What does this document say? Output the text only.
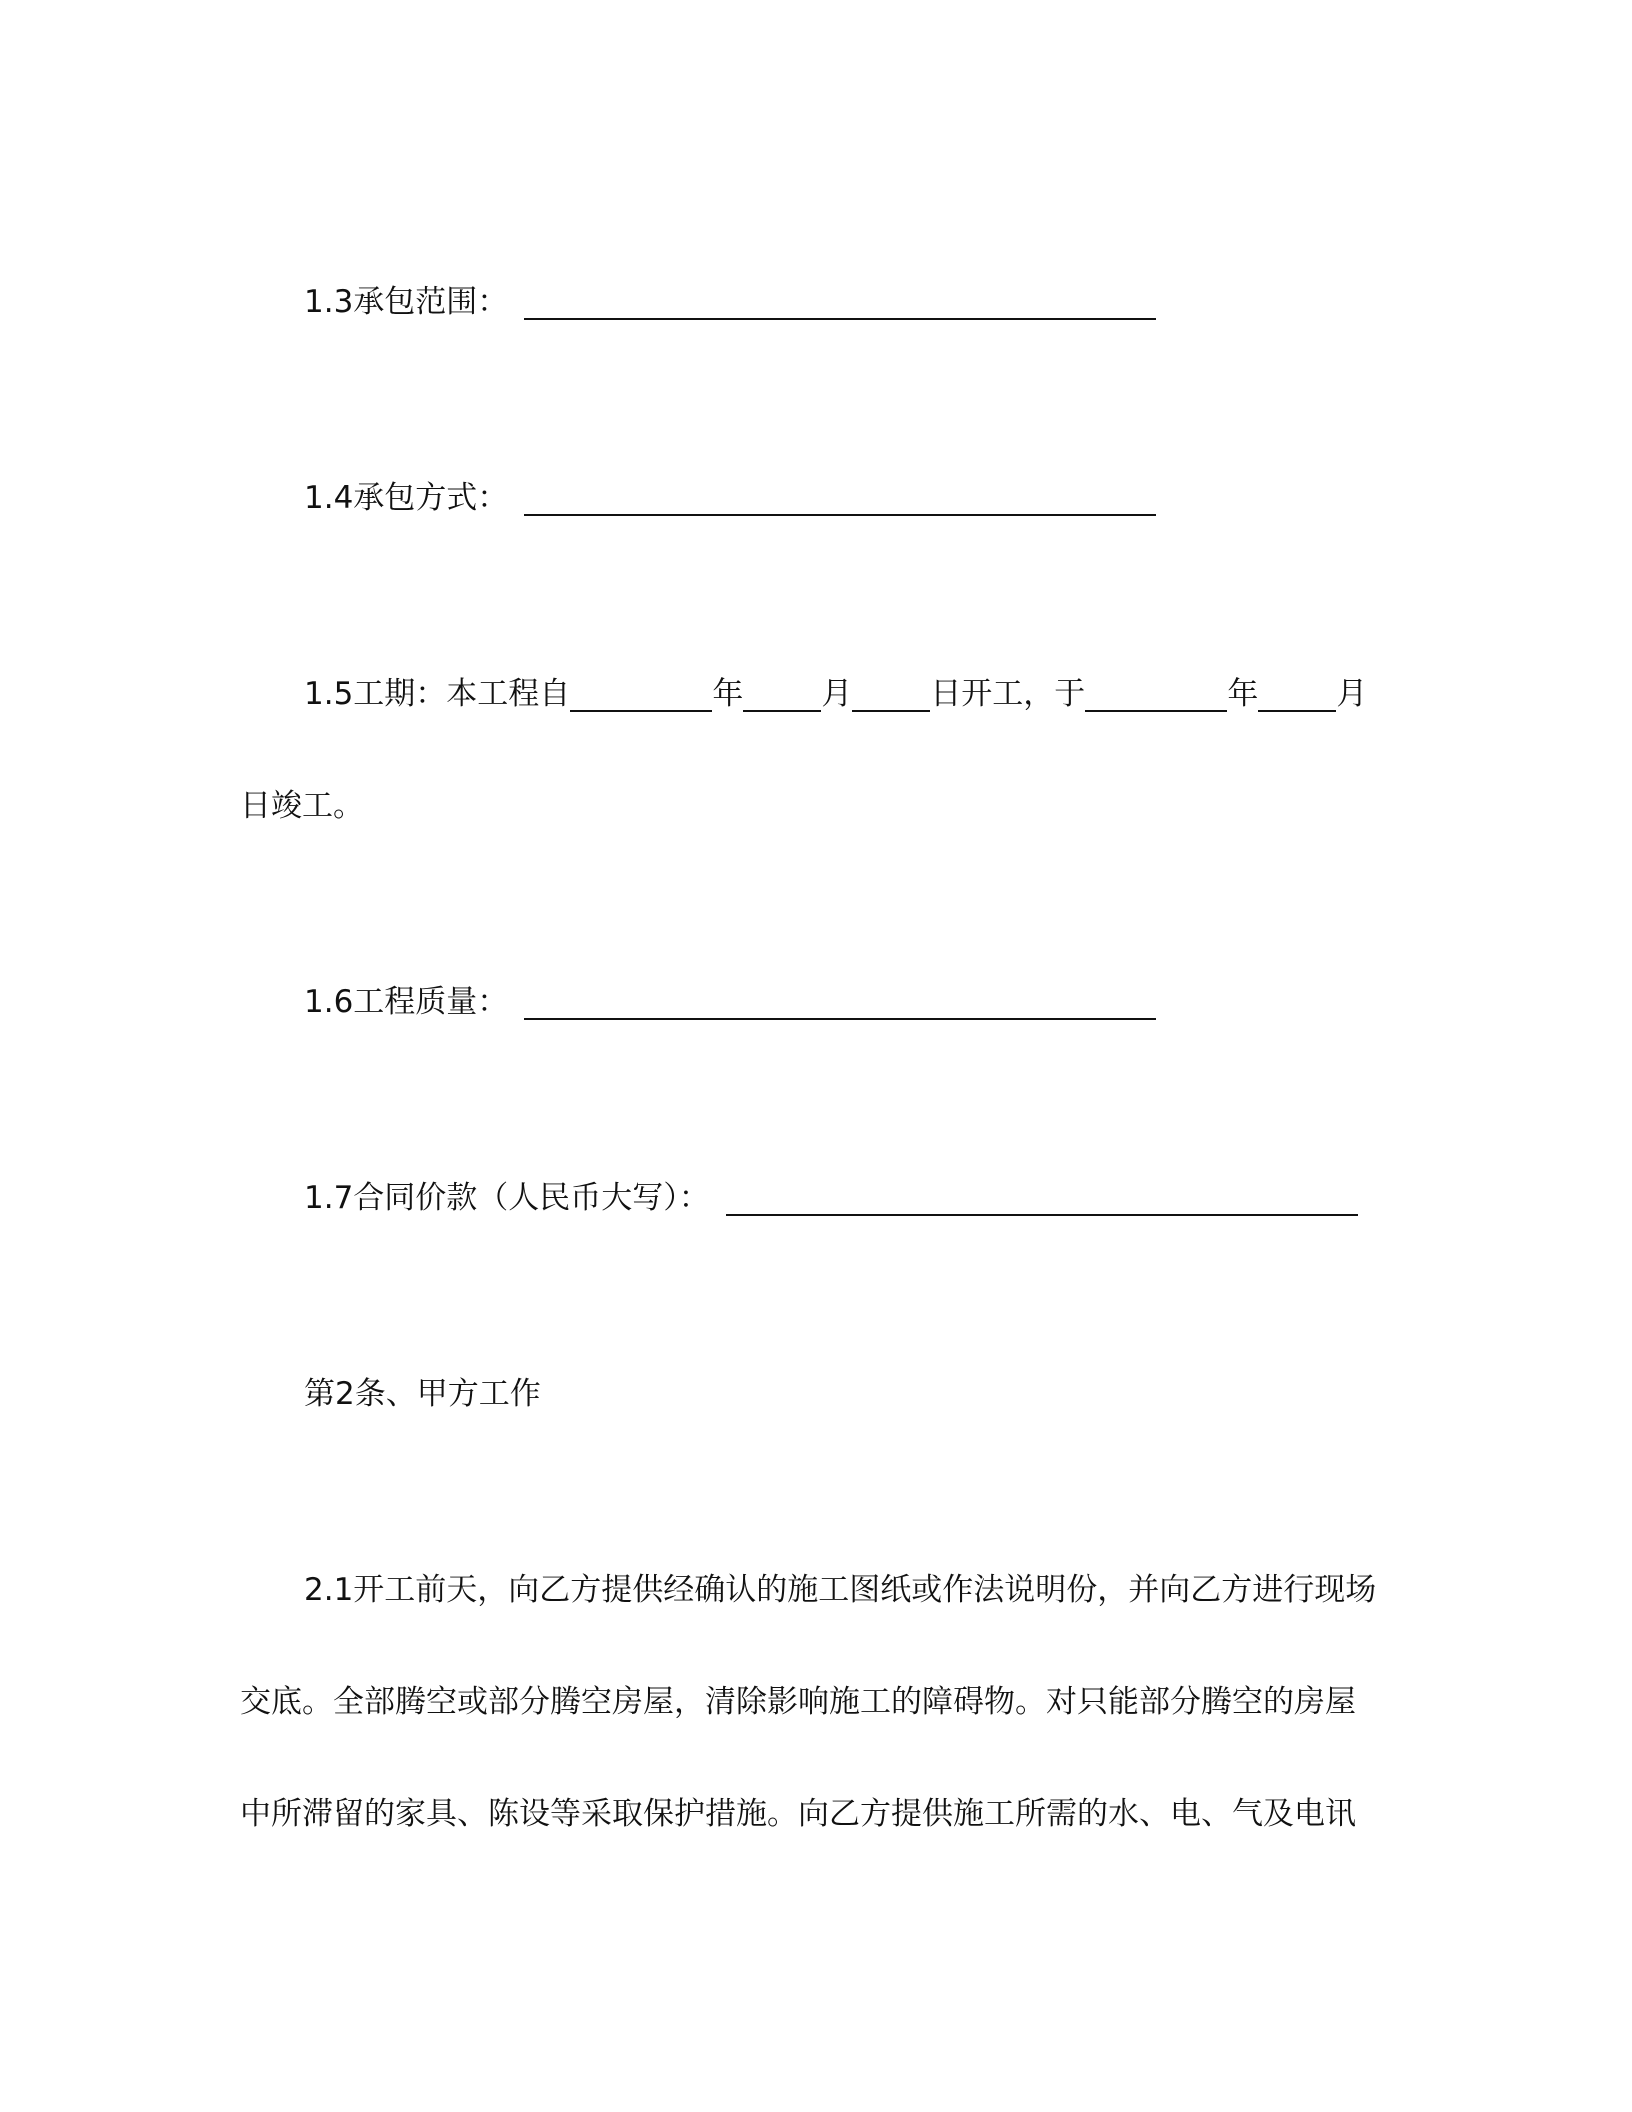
1.3承包范围：
1.4承包方式：
1.5工期：本工程自	年	月	日开工，于	年	月
日竣工。
1.6工程质量：
1.7合同价款（人民币大写）：
第2条、甲方工作
2.1开工前天，向乙方提供经确认的施工图纸或作法说明份，并向乙方进行现场
交底。全部腾空或部分腾空房屋，清除影响施工的障碍物。对只能部分腾空的房屋
中所滞留的家具、陈设等采取保护措施。向乙方提供施工所需的水、电、气及电讯
